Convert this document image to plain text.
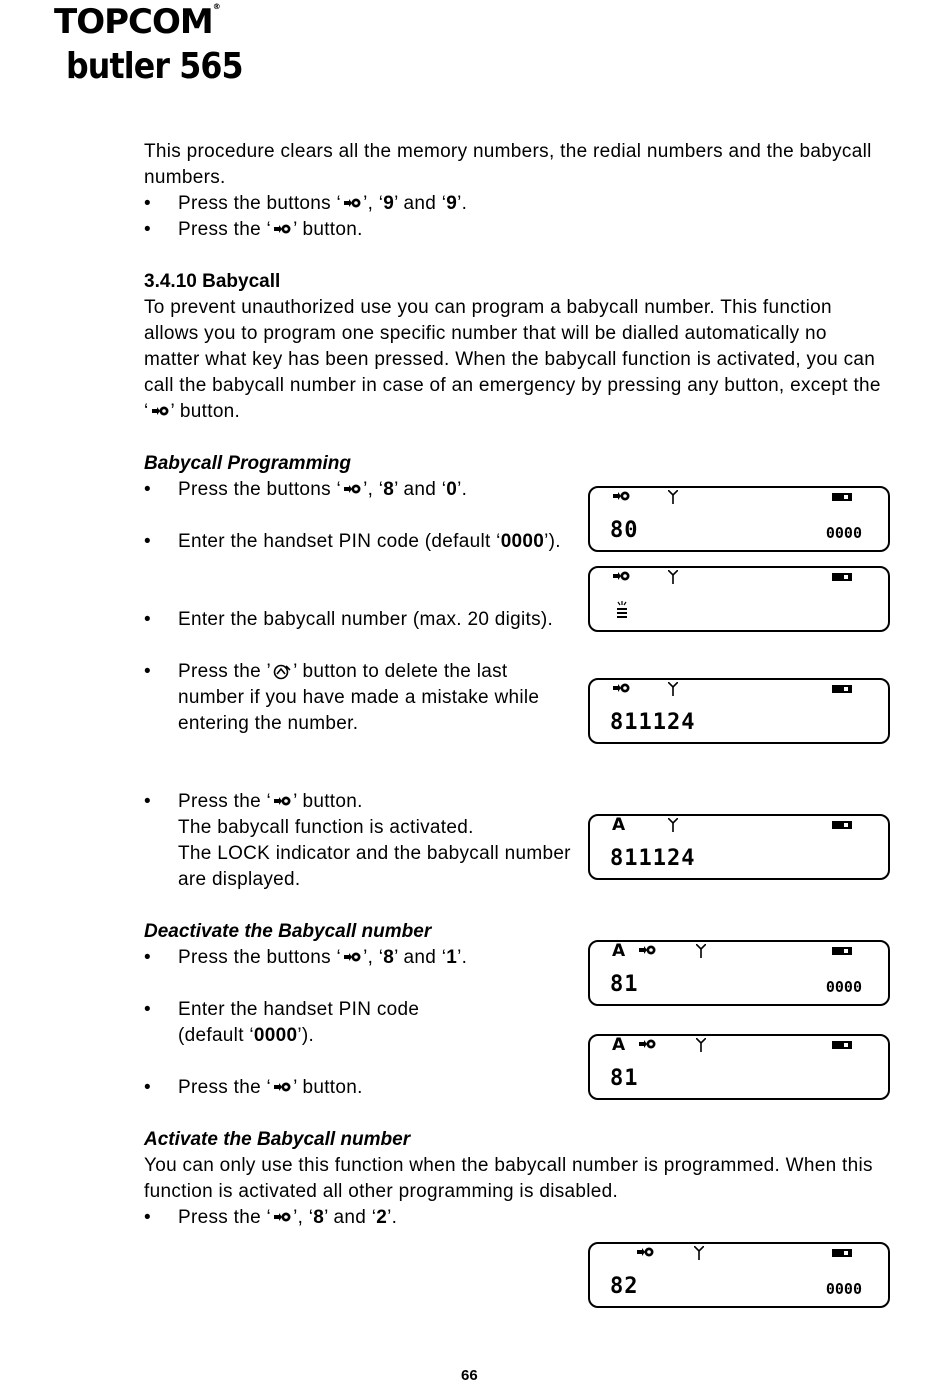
TOPCOM®
butler 565
This procedure clears all the memory numbers, the redial numbers and the babycall
numbers.
• Press the buttons ‘ ’, ‘9’ and ‘9’.
• Press the ‘ ’ button.
3.4.10 Babycall
To prevent unauthorized use you can program a babycall number. This function
allows you to program one specific number that will be dialled automatically no
matter what key has been pressed. When the babycall function is activated, you can
call the babycall number in case of an emergency by pressing any button, except the
‘ ’ button.
Babycall Programming
• Press the buttons ‘ ’, ‘8’ and ‘0’.
• Enter the handset PIN code (default ‘0000’).
• Enter the babycall number (max. 20 digits).
• Press the ’ ’ button to delete the last
number if you have made a mistake while
entering the number.
• Press the ‘ ’ button.
The babycall function is activated.
The LOCK indicator and the babycall number
are displayed.
Deactivate the Babycall number
• Press the buttons ‘ ’, ‘8’ and ‘1’.
• Enter the handset PIN code
(default ‘0000’).
• Press the ‘ ’ button.
Activate the Babycall number
You can only use this function when the babycall number is programmed. When this
function is activated all other programming is disabled.
• Press the ‘ ’, ‘8’ and ‘2’.
80	0000
811124
A
811124
A
81	0000
A
81
82	0000
66
